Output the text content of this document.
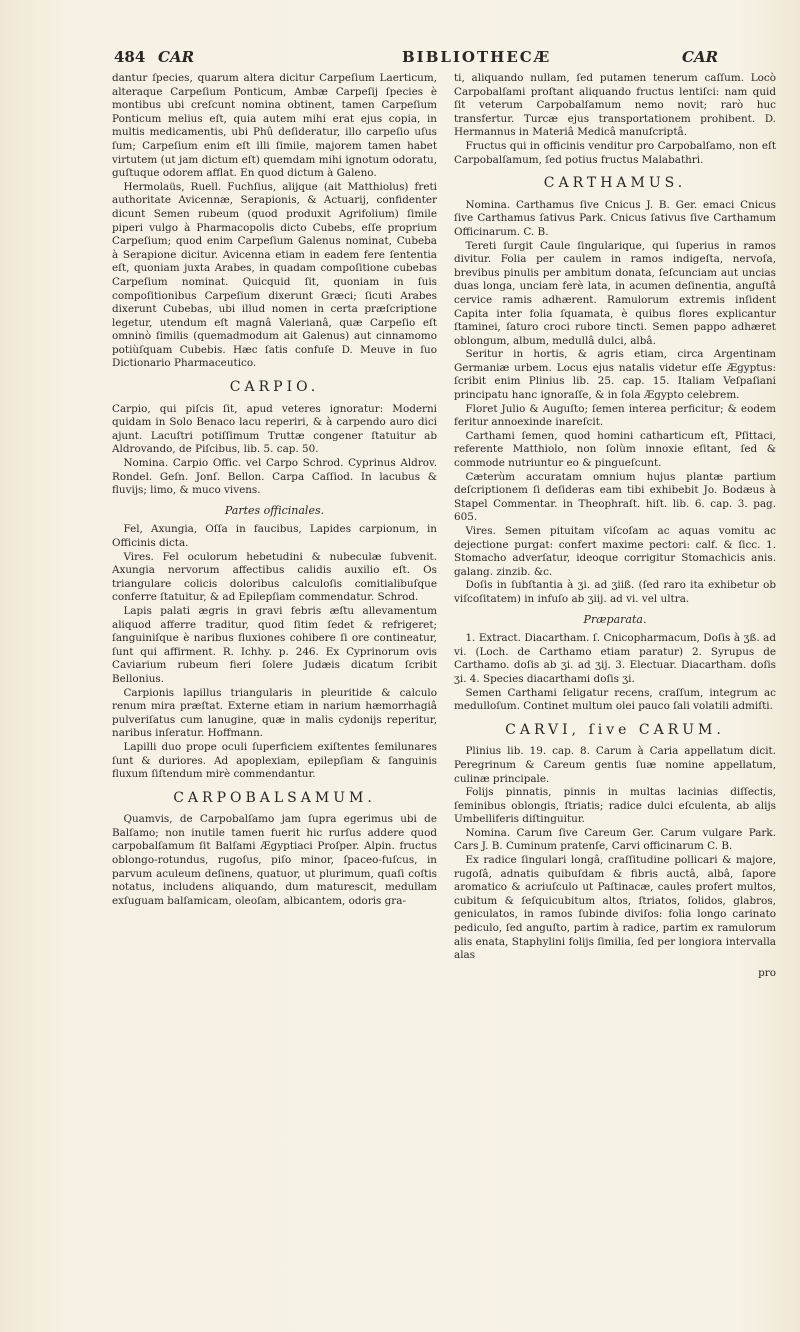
484 CAR	BIBLIOTHECÆ	CAR

dantur ſpecies, quarum altera dicitur Carpeſium Laerticum, alteraque Carpeſium Ponticum, Ambæ Carpeſij ſpecies è montibus ubi creſcunt nomina obtinent, tamen Carpeſium Ponticum melius eſt, quia autem mihi erat ejus copia, in multis medicamentis, ubi Phû deſideratur, illo carpeſio uſus ſum; Carpeſium enim eſt illi ſimile, majorem tamen habet virtutem (ut jam dictum eſt) quemdam mihi ignotum odoratu, guſtuque odorem afflat. En quod dictum à Galeno.

Hermolaüs, Ruell. Fuchſius, alijque (ait Matthiolus) freti authoritate Avicennæ, Serapionis, & Actuarij, confidenter dicunt Semen rubeum (quod produxit Agrifolium) ſimile piperi vulgo à Pharmacopolis dicto Cubebs, eſſe proprium Carpeſium; quod enim Carpeſium Galenus nominat, Cubeba à Serapione dicitur. Avicenna etiam in eadem fere ſententia eſt, quoniam juxta Arabes, in quadam compoſitione cubebas Carpeſium nominat. Quicquid ſit, quoniam in ſuis compoſitionibus Carpeſium dixerunt Græci; ſicuti Arabes dixerunt Cubebas, ubi illud nomen in certa præſcriptione legetur, utendum eſt magnâ Valerianâ, quæ Carpeſio eſt omninò ſimilis (quemadmodum ait Galenus) aut cinnamomo potiùſquam Cubebis. Hæc ſatis confuſe D. Meuve in ſuo Dictionario Pharmaceutico.

CARPIO.

Carpio, qui piſcis ſit, apud veteres ignoratur: Moderni quidam in Solo Benaco lacu reperiri, & à carpendo auro dici ajunt. Lacuſtri potiſſimum Truttæ congener ſtatuitur ab Aldrovando, de Piſcibus, lib. 5. cap. 50.

Nomina. Carpio Offic. vel Carpo Schrod. Cyprinus Aldrov. Rondel. Geſn. Jonſ. Bellon. Carpa Caſſiod. In lacubus & fluvijs; limo, & muco vivens.

Partes officinales.

Fel, Axungia, Oſſa in faucibus, Lapides carpionum, in Officinis dicta.

Vires. Fel oculorum hebetudini & nubeculæ ſubvenit. Axungia nervorum affectibus calidis auxilio eſt. Os triangulare colicis doloribus calculoſis comitialibuſque conferre ſtatuitur, & ad Epilepſiam commendatur. Schrod.

Lapis palati ægris in gravi febris æſtu allevamentum aliquod afferre traditur, quod ſitim ſedet & refrigeret; ſanguiniſque è naribus fluxiones cohibere ſi ore contineatur, ſunt qui affirment. R. Ichhy. p. 246. Ex Cyprinorum ovis Caviarium rubeum fieri ſolere Judæis dicatum ſcribit Bellonius.

Carpionis lapillus triangularis in pleuritide & calculo renum mira præſtat. Externe etiam in narium hæmorrhagiâ pulveriſatus cum lanugine, quæ in malis cydonijs reperitur, naribus inſeratur. Hoffmann.

Lapilli duo prope oculi ſuperficiem exiſtentes ſemilunares ſunt & duriores. Ad apoplexiam, epilepſiam & ſanguinis fluxum ſiſtendum mirè commendantur.

CARPOBALSAMUM.

Quamvis, de Carpobalſamo jam ſupra egerimus ubi de Balſamo; non inutile tamen fuerit hic rurſus addere quod carpobalſamum ſit Balſami Ægyptiaci Proſper. Alpin. fructus oblongo-rotundus, rugoſus, piſo minor, ſpaceo-fuſcus, in parvum aculeum deſinens, quatuor, ut plurimum, quaſi coſtis notatus, includens aliquando, dum maturescit, medullam exſuguam balſamicam, oleoſam, albicantem, odoris gra-

ti, aliquando nullam, ſed putamen tenerum caſſum. Locò Carpobalſami proſtant aliquando fructus lentiſci: nam quid ſit veterum Carpobalſamum nemo novit; rarò huc transfertur. Turcæ ejus transportationem prohibent. D. Hermannus in Materiâ Medicâ manuſcriptâ.

Fructus qui in officinis venditur pro Carpobalſamo, non eſt Carpobalſamum, ſed potius fructus Malabathri.

CARTHAMUS.

Nomina. Carthamus ſive Cnicus J. B. Ger. emaci Cnicus ſive Carthamus ſativus Park. Cnicus ſativus ſive Carthamum Officinarum. C. B.

Tereti ſurgit Caule ſingularique, qui ſuperius in ramos divitur. Folia per caulem in ramos indigeſta, nervoſa, brevibus pinulis per ambitum donata, ſeſcunciam aut uncias duas longa, unciam ferè lata, in acumen deſinentia, anguſtâ cervice ramis adhærent. Ramulorum extremis inſident Capita inter folia ſquamata, è quibus flores explicantur ſtaminei, ſaturo croci rubore tincti. Semen pappo adhæret oblongum, album, medullâ dulci, albâ.

Seritur in hortis, & agris etiam, circa Argentinam Germaniæ urbem. Locus ejus natalis videtur eſſe Ægyptus: ſcribit enim Plinius lib. 25. cap. 15. Italiam Veſpaſiani principatu hanc ignoraſſe, & in ſola Ægypto celebrem.

Floret Julio & Auguſto; ſemen interea perficitur; & eodem feritur annoexinde inareſcit.

Carthami ſemen, quod homini catharticum eſt, Pſittaci, referente Matthiolo, non ſolùm innoxie eſitant, ſed & commode nutriuntur eo & pingueſcunt.

Cæterùm accuratam omnium hujus plantæ partium deſcriptionem ſi deſideras eam tibi exhibebit Jo. Bodæus à Stapel Commentar. in Theophraſt. hiſt. lib. 6. cap. 3. pag. 605.

Vires. Semen pituitam viſcoſam ac aquas vomitu ac dejectione purgat: confert maxime pectori: calf. & ſicc. 1. Stomacho adverſatur, ideoque corrigitur Stomachicis anis. galang. zinzib. &c.

Doſis in ſubſtantia à ʒi. ad ʒiiß. (ſed raro ita exhibetur ob viſcoſitatem) in infuſo ab ʒiij. ad vi. vel ultra.

Præparata.

1. Extract. Diacartham. ſ. Cnicopharmacum, Doſis à ʒß. ad vi. (Loch. de Carthamo etiam paratur) 2. Syrupus de Carthamo. doſis ab ʒi. ad ʒij. 3. Electuar. Diacartham. doſis ʒi. 4. Species diacarthami doſis ʒi.

Semen Carthami ſeligatur recens, craſſum, integrum ac medulloſum. Continet multum olei pauco ſali volatili admiſti.

CARVI, ſive CARUM.

Plinius lib. 19. cap. 8. Carum à Caria appellatum dicit. Peregrinum & Careum gentis ſuæ nomine appellatum, culinæ principale.

Folijs pinnatis, pinnis in multas lacinias diſſectis, ſeminibus oblongis, ſtriatis; radice dulci eſculenta, ab alijs Umbelliferis diſtinguitur.

Nomina. Carum ſive Careum Ger. Carum vulgare Park. Cars J. B. Cuminum pratenſe, Carvi officinarum C. B.

Ex radice ſingulari longâ, craſſitudine pollicari & majore, rugoſâ, adnatis quibuſdam & fibris auctâ, albâ, ſapore aromatico & acriuſculo ut Paſtinacæ, caules profert multos, cubitum & ſeſquicubitum altos, ſtriatos, ſolidos, glabros, geniculatos, in ramos ſubinde diviſos: folia longo carinato pediculo, ſed anguſto, partim à radice, partim ex ramulorum alis enata, Staphylini folijs ſimilia, ſed per longiora intervalla alas

pro
